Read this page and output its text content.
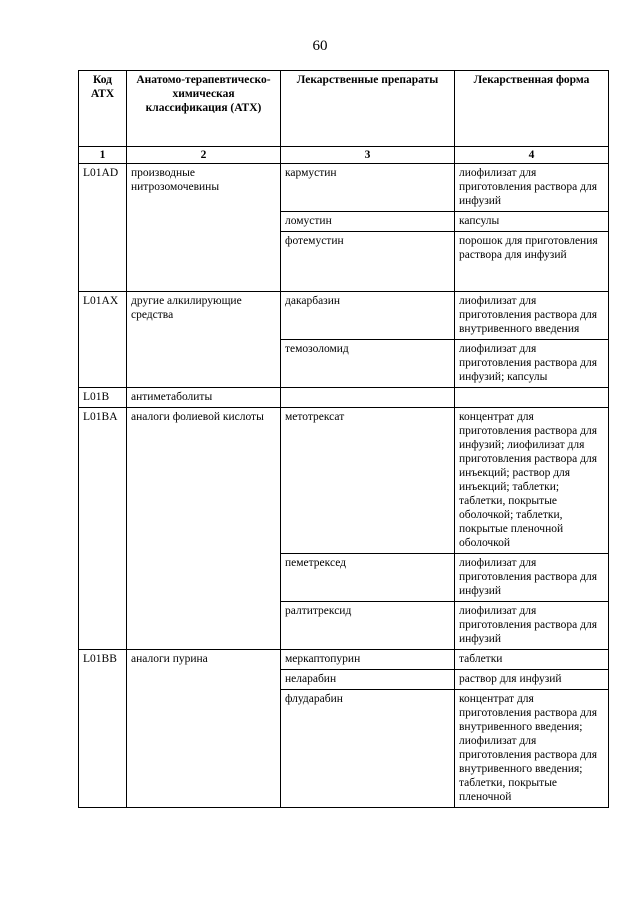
60
Код АТХ	Анатомо-терапевтическо-химическая классификация (АТХ)	Лекарственные препараты	Лекарственная форма
1	2	3	4
L01AD	производные нитрозомочевины	кармустин	лиофилизат для приготовления раствора для инфузий
		ломустин	капсулы
		фотемустин	порошок для приготовления раствора для инфузий
L01AX	другие алкилирующие средства	дакарбазин	лиофилизат для приготовления раствора для внутривенного введения
		темозоломид	лиофилизат для приготовления раствора для инфузий; капсулы
L01B	антиметаболиты		
L01BA	аналоги фолиевой кислоты	метотрексат	концентрат для приготовления раствора для инфузий; лиофилизат для приготовления раствора для инъекций; раствор для инъекций; таблетки; таблетки, покрытые оболочкой; таблетки, покрытые пленочной оболочкой
		пеметрексед	лиофилизат для приготовления раствора для инфузий
		ралтитрексид	лиофилизат для приготовления раствора для инфузий
L01BB	аналоги пурина	меркаптопурин	таблетки
		неларабин	раствор для инфузий
		флударабин	концентрат для приготовления раствора для внутривенного введения; лиофилизат для приготовления раствора для внутривенного введения; таблетки, покрытые пленочной
